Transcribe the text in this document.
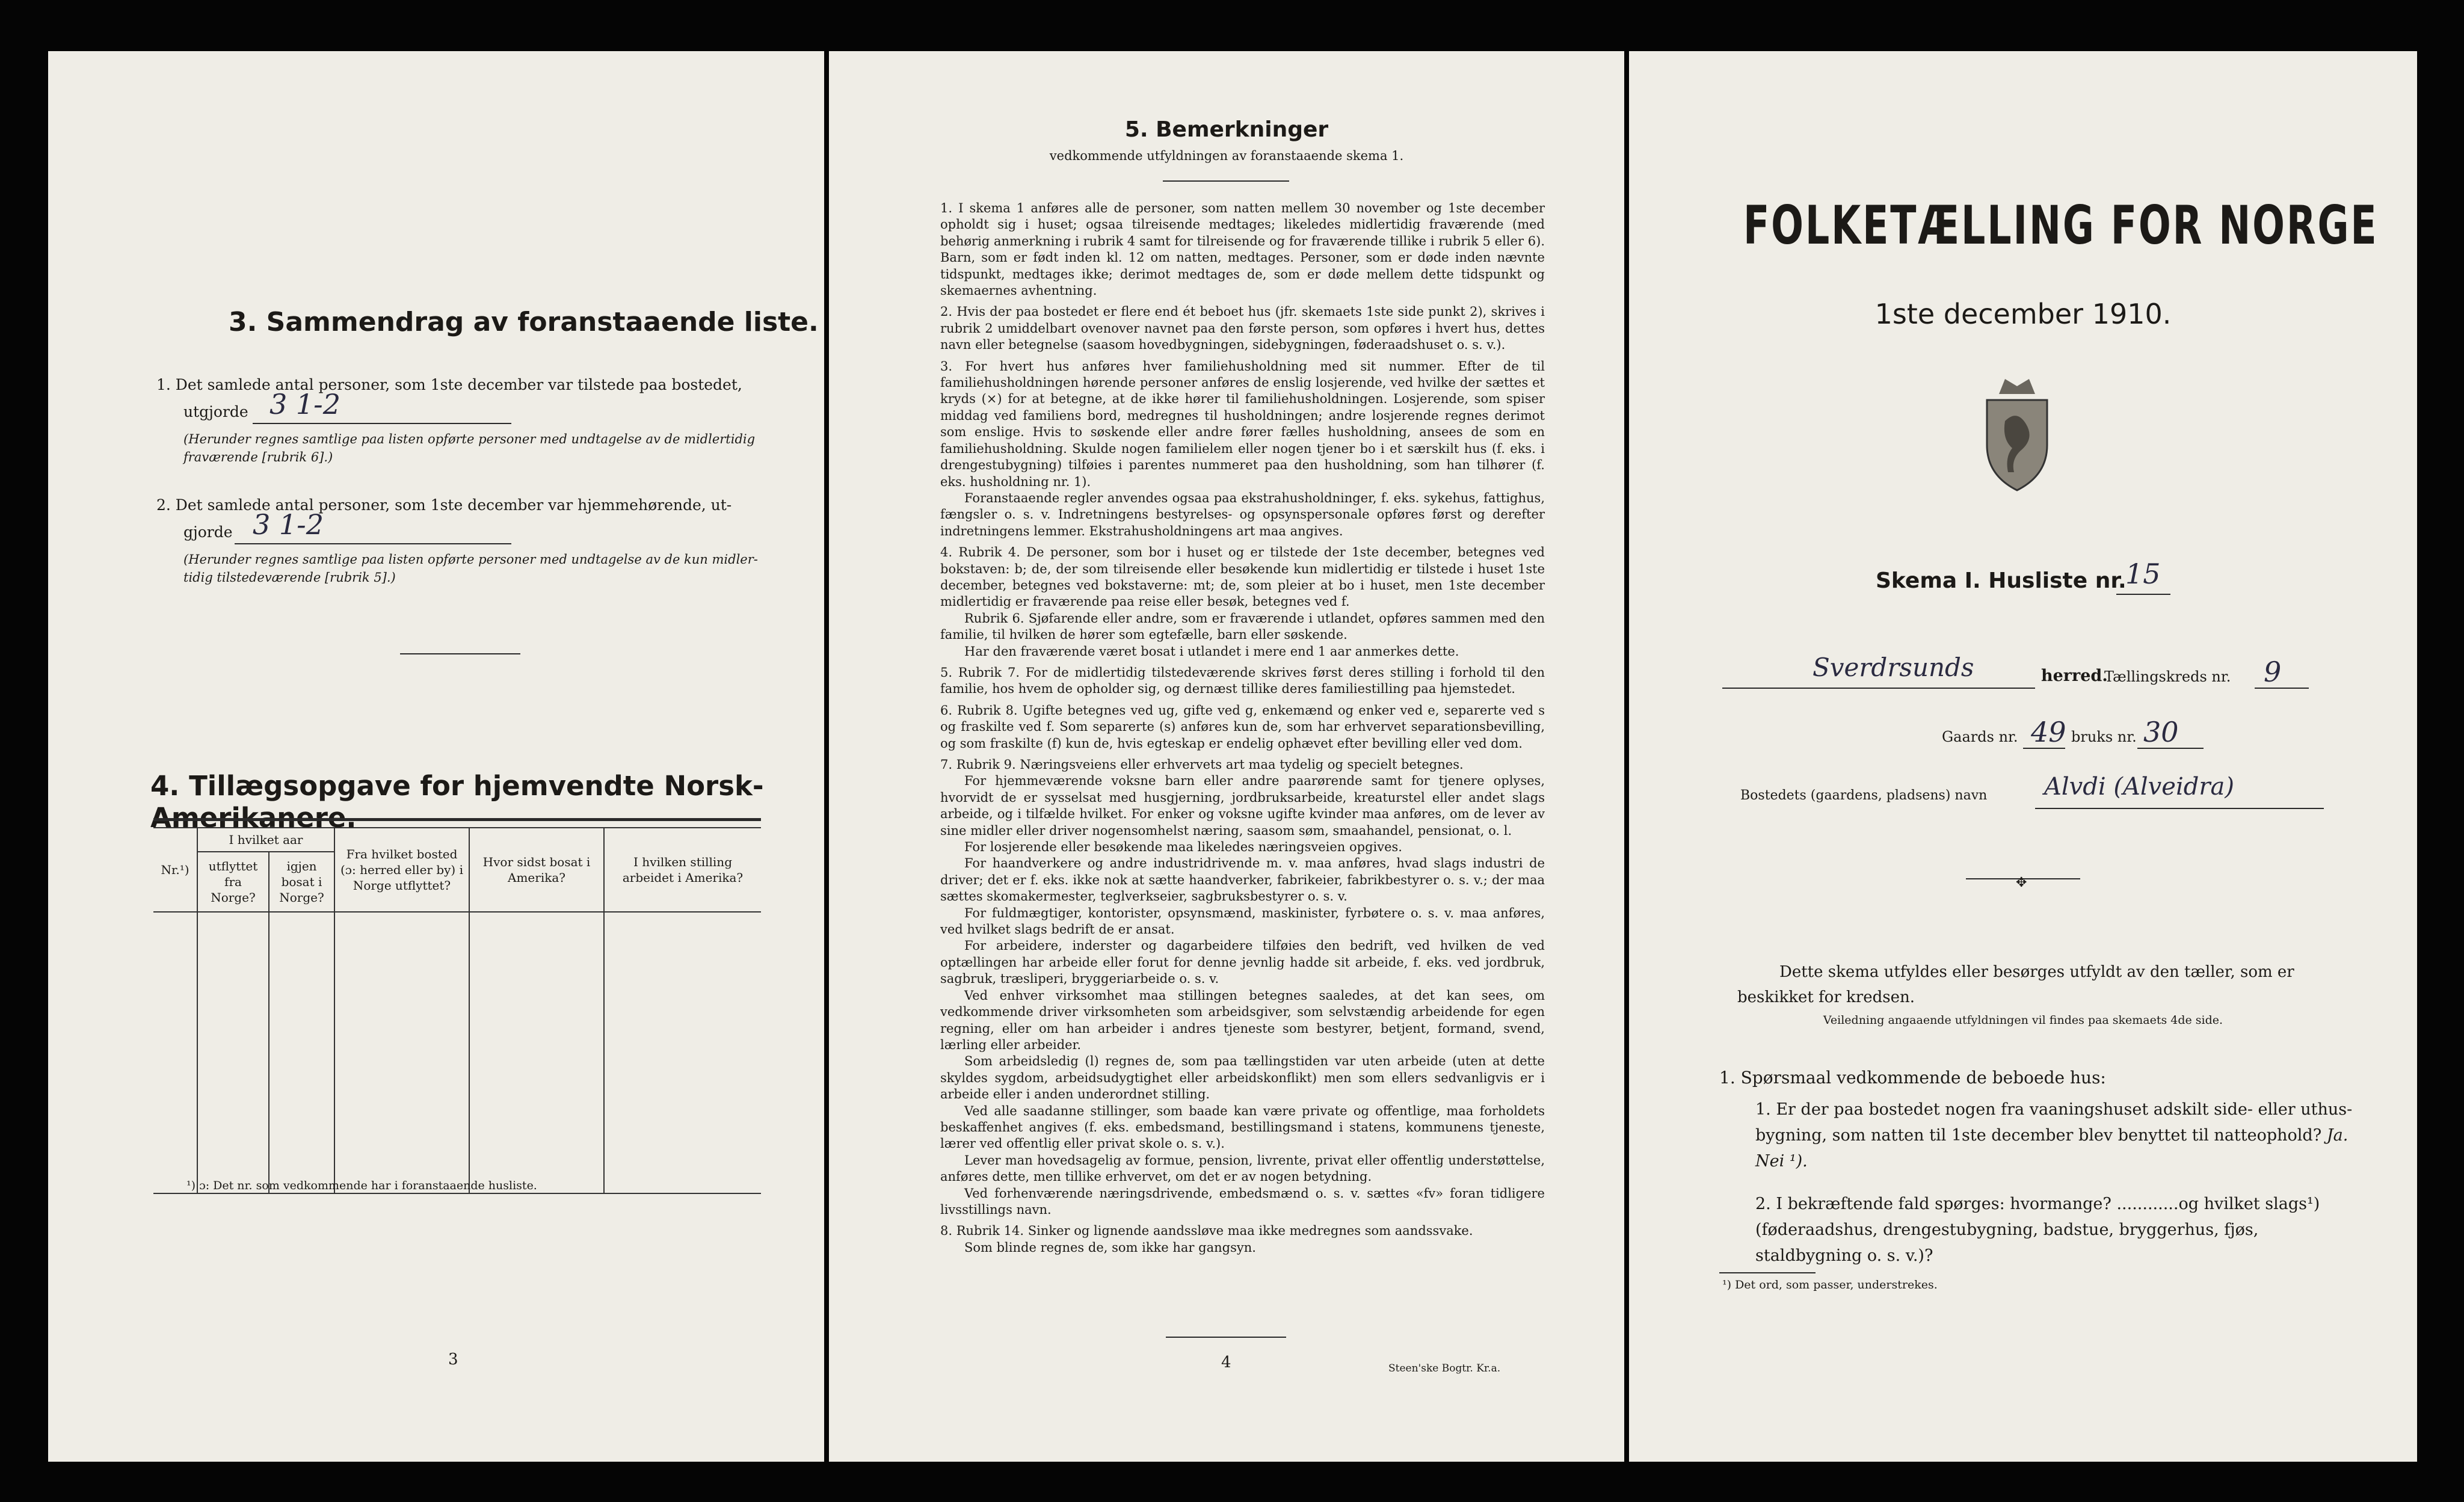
3. Sammendrag av foranstaaende liste.
1. Det samlede antal personer, som 1ste december var tilstede paa bostedet,
utgjorde 3 1-2
(Herunder regnes samtlige paa listen opførte personer med undtagelse av de midlertidig
fraværende [rubrik 6].)
2. Det samlede antal personer, som 1ste december var hjemmehørende, ut-
gjorde 3 1-2
(Herunder regnes samtlige paa listen opførte personer med undtagelse av de kun midler-
tidig tilstedeværende [rubrik 5].)
4. Tillægsopgave for hjemvendte Norsk-Amerikanere.
Nr.¹)	I hvilket aar		Fra hvilket bosted (ɔ: herred eller by) i Norge utflyttet?	Hvor sidst bosat i Amerika?	I hvilken stilling arbeidet i Amerika?
	utflyttet fra Norge?	igjen bosat i Norge?			

¹) ɔ: Det nr. som vedkommende har i foranstaaende husliste.
3
5. Bemerkninger
vedkommende utfyldningen av foranstaaende skema 1.

1. I skema 1 anføres alle de personer, som natten mellem 30 november og 1ste december opholdt sig i huset; ogsaa tilreisende medtages; likeledes midlertidig fraværende (med behørig anmerkning i rubrik 4 samt for tilreisende og for fraværende tillike i rubrik 5 eller 6). Barn, som er født inden kl. 12 om natten, medtages. Personer, som er døde inden nævnte tidspunkt, medtages ikke; derimot medtages de, som er døde mellem dette tidspunkt og skemaernes avhentning.

2. Hvis der paa bostedet er flere end ét beboet hus (jfr. skemaets 1ste side punkt 2), skrives i rubrik 2 umiddelbart ovenover navnet paa den første person, som opføres i hvert hus, dettes navn eller betegnelse (saasom hovedbygningen, sidebygningen, føderaadshuset o. s. v.).

3. For hvert hus anføres hver familiehusholdning med sit nummer. Efter de til familiehusholdningen hørende personer anføres de enslig losjerende, ved hvilke der sættes et kryds (×) for at betegne, at de ikke hører til familiehusholdningen. Losjerende, som spiser middag ved familiens bord, medregnes til husholdningen; andre losjerende regnes derimot som enslige. Hvis to søskende eller andre fører fælles husholdning, ansees de som en familiehusholdning. Skulde nogen familielem eller nogen tjener bo i et særskilt hus (f. eks. i drengestubygning) tilføies i parentes nummeret paa den husholdning, som han tilhører (f. eks. husholdning nr. 1).

Foranstaaende regler anvendes ogsaa paa ekstrahusholdninger, f. eks. sykehus, fattighus, fængsler o. s. v. Indretningens bestyrelses- og opsynspersonale opføres først og derefter indretningens lemmer. Ekstrahusholdningens art maa angives.

4. Rubrik 4. De personer, som bor i huset og er tilstede der 1ste december, betegnes ved bokstaven: b; de, der som tilreisende eller besøkende kun midlertidig er tilstede i huset 1ste december, betegnes ved bokstaverne: mt; de, som pleier at bo i huset, men 1ste december midlertidig er fraværende paa reise eller besøk, betegnes ved f.

Rubrik 6. Sjøfarende eller andre, som er fraværende i utlandet, opføres sammen med den familie, til hvilken de hører som egtefælle, barn eller søskende.

Har den fraværende været bosat i utlandet i mere end 1 aar anmerkes dette.

5. Rubrik 7. For de midlertidig tilstedeværende skrives først deres stilling i forhold til den familie, hos hvem de opholder sig, og dernæst tillike deres familiestilling paa hjemstedet.

6. Rubrik 8. Ugifte betegnes ved ug, gifte ved g, enkemænd og enker ved e, separerte ved s og fraskilte ved f. Som separerte (s) anføres kun de, som har erhvervet separationsbevilling, og som fraskilte (f) kun de, hvis egteskap er endelig ophævet efter bevilling eller ved dom.

7. Rubrik 9. Næringsveiens eller erhvervets art maa tydelig og specielt betegnes.

For hjemmeværende voksne barn eller andre paarørende samt for tjenere oplyses, hvorvidt de er sysselsat med husgjerning, jordbruksarbeide, kreaturstel eller andet slags arbeide, og i tilfælde hvilket. For enker og voksne ugifte kvinder maa anføres, om de lever av sine midler eller driver nogensomhelst næring, saasom søm, smaahandel, pensionat, o. l.

For losjerende eller besøkende maa likeledes næringsveien opgives.

For haandverkere og andre industridrivende m. v. maa anføres, hvad slags industri de driver; det er f. eks. ikke nok at sætte haandverker, fabrikeier, fabrikbestyrer o. s. v.; der maa sættes skomakermester, teglverkseier, sagbruksbestyrer o. s. v.

For fuldmægtiger, kontorister, opsynsmænd, maskinister, fyrbøtere o. s. v. maa anføres, ved hvilket slags bedrift de er ansat.

For arbeidere, inderster og dagarbeidere tilføies den bedrift, ved hvilken de ved optællingen har arbeide eller forut for denne jevnlig hadde sit arbeide, f. eks. ved jordbruk, sagbruk, træsliperi, bryggeriarbeide o. s. v.

Ved enhver virksomhet maa stillingen betegnes saaledes, at det kan sees, om vedkommende driver virksomheten som arbeidsgiver, som selvstændig arbeidende for egen regning, eller om han arbeider i andres tjeneste som bestyrer, betjent, formand, svend, lærling eller arbeider.

Som arbeidsledig (l) regnes de, som paa tællingstiden var uten arbeide (uten at dette skyldes sygdom, arbeidsudygtighet eller arbeidskonflikt) men som ellers sedvanligvis er i arbeide eller i anden underordnet stilling.

Ved alle saadanne stillinger, som baade kan være private og offentlige, maa forholdets beskaffenhet angives (f. eks. embedsmand, bestillingsmand i statens, kommunens tjeneste, lærer ved offentlig eller privat skole o. s. v.).

Lever man hovedsagelig av formue, pension, livrente, privat eller offentlig understøttelse, anføres dette, men tillike erhvervet, om det er av nogen betydning.

Ved forhenværende næringsdrivende, embedsmænd o. s. v. sættes «fv» foran tidligere livsstillings navn.

8. Rubrik 14. Sinker og lignende aandssløve maa ikke medregnes som aandssvake.

Som blinde regnes de, som ikke har gangsyn.

4	Steen'ske Bogtr. Kr.a.
FOLKETÆLLING FOR NORGE
1ste december 1910.
Skema I. Husliste nr.
15
Sverdrsunds	herred.
Tællingskreds nr. 9
Gaards nr. 49 bruks nr. 30
Bostedets (gaardens, pladsens) navn Alvdi (Alveidra)
✥
Dette skema utfyldes eller besørges utfyldt av den tæller, som er beskikket for kredsen.
Veiledning angaaende utfyldningen vil findes paa skemaets 4de side.
1. Spørsmaal vedkommende de beboede hus:
1. Er der paa bostedet nogen fra vaaningshuset adskilt side- eller uthus-bygning, som natten til 1ste december blev benyttet til natteophold? Ja. Nei ¹).
2. I bekræftende fald spørges: hvormange? ............og hvilket slags¹) (føderaadshus, drengestubygning, badstue, bryggerhus, fjøs, staldbygning o. s. v.)?
¹) Det ord, som passer, understrekes.
